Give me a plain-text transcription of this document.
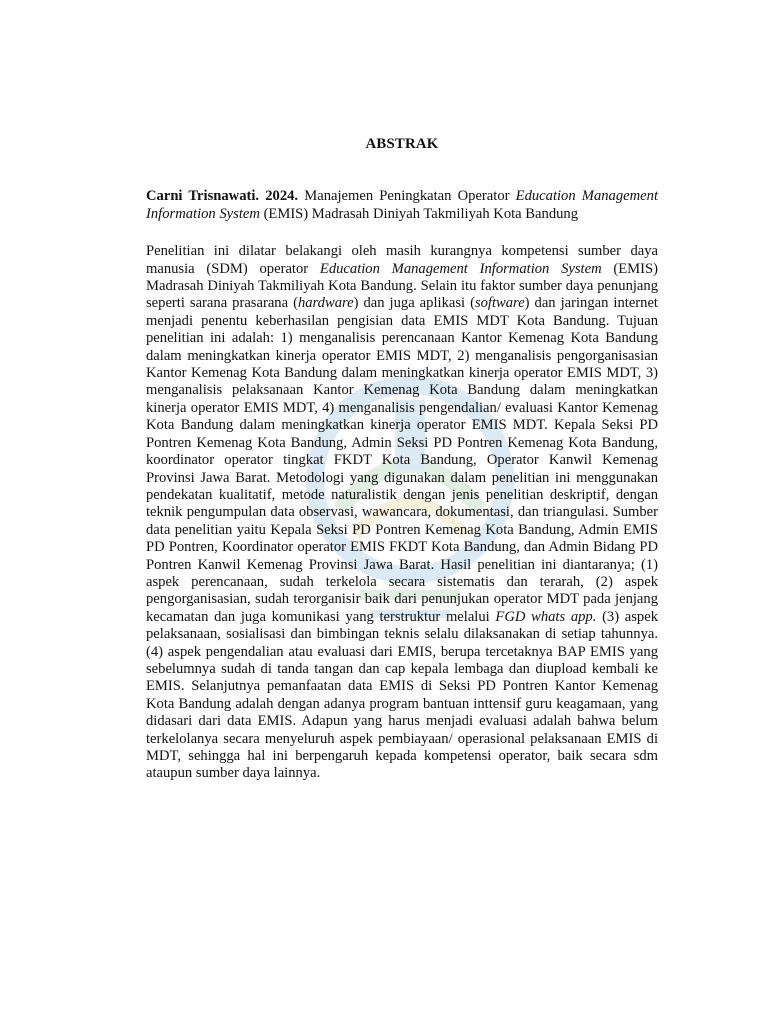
ABSTRAK

Carni Trisnawati. 2024. Manajemen Peningkatan Operator Education Management Information System (EMIS) Madrasah Diniyah Takmiliyah Kota Bandung

Penelitian ini dilatar belakangi oleh masih kurangnya kompetensi sumber daya manusia (SDM) operator Education Management Information System (EMIS) Madrasah Diniyah Takmiliyah Kota Bandung. Selain itu faktor sumber daya penunjang seperti sarana prasarana (hardware) dan juga aplikasi (software) dan jaringan internet menjadi penentu keberhasilan pengisian data EMIS MDT Kota Bandung. Tujuan penelitian ini adalah: 1) menganalisis perencanaan Kantor Kemenag Kota Bandung dalam meningkatkan kinerja operator EMIS MDT, 2) menganalisis pengorganisasian Kantor Kemenag Kota Bandung dalam meningkatkan kinerja operator EMIS MDT, 3) menganalisis pelaksanaan Kantor Kemenag Kota Bandung dalam meningkatkan kinerja operator EMIS MDT, 4) menganalisis pengendalian/ evaluasi Kantor Kemenag Kota Bandung dalam meningkatkan kinerja operator EMIS MDT. Kepala Seksi PD Pontren Kemenag Kota Bandung, Admin Seksi PD Pontren Kemenag Kota Bandung, koordinator operator tingkat FKDT Kota Bandung, Operator Kanwil Kemenag Provinsi Jawa Barat. Metodologi yang digunakan dalam penelitian ini menggunakan pendekatan kualitatif, metode naturalistik dengan jenis penelitian deskriptif, dengan teknik pengumpulan data observasi, wawancara, dokumentasi, dan triangulasi. Sumber data penelitian yaitu Kepala Seksi PD Pontren Kemenag Kota Bandung, Admin EMIS PD Pontren, Koordinator operator EMIS FKDT Kota Bandung, dan Admin Bidang PD Pontren Kanwil Kemenag Provinsi Jawa Barat. Hasil penelitian ini diantaranya; (1) aspek perencanaan, sudah terkelola secara sistematis dan terarah, (2) aspek pengorganisasian, sudah terorganisir baik dari penunjukan operator MDT pada jenjang kecamatan dan juga komunikasi yang terstruktur melalui FGD whats app. (3) aspek pelaksanaan, sosialisasi dan bimbingan teknis selalu dilaksanakan di setiap tahunnya. (4) aspek pengendalian atau evaluasi dari EMIS, berupa tercetaknya BAP EMIS yang sebelumnya sudah di tanda tangan dan cap kepala lembaga dan diupload kembali ke EMIS. Selanjutnya pemanfaatan data EMIS di Seksi PD Pontren Kantor Kemenag Kota Bandung adalah dengan adanya program bantuan inttensif guru keagamaan, yang didasari dari data EMIS. Adapun yang harus menjadi evaluasi adalah bahwa belum terkelolanya secara menyeluruh aspek pembiayaan/ operasional pelaksanaan EMIS di MDT, sehingga hal ini berpengaruh kepada kompetensi operator, baik secara sdm ataupun sumber daya lainnya.
